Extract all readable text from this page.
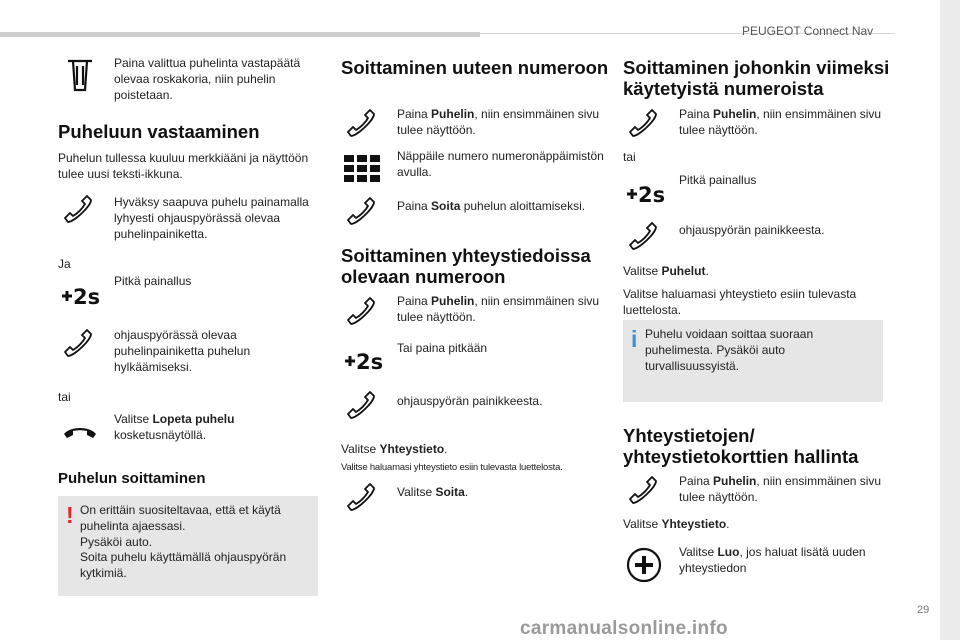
PEUGEOT Connect Nav

Paina valittua puhelinta vastapäätä olevaa roskakoria, niin puhelin poistetaan.

Puheluun vastaaminen

Puhelun tullessa kuuluu merkkiääni ja näyttöön tulee uusi teksti-ikkuna.

Hyväksy saapuva puhelu painamalla lyhyesti ohjauspyörässä olevaa puhelinpainiketta.

Ja

2s

Pitkä painallus

ohjauspyörässä olevaa puhelinpainiketta puhelun hylkäämiseksi.

tai

Valitse Lopeta puhelu kosketusnäytöllä.

Puhelun soittaminen
! On erittäin suositeltavaa, että et käytä puhelinta ajaessasi.
Pysäköi auto.
Soita puhelu käyttämällä ohjauspyörän kytkimiä.

Soittaminen uuteen numeroon

Paina Puhelin, niin ensimmäinen sivu tulee näyttöön.

Näppäile numero numeronäppäimistön avulla.

Paina Soita puhelun aloittamiseksi.

Soittaminen yhteystiedoissa olevaan numeroon

Paina Puhelin, niin ensimmäinen sivu tulee näyttöön.

2s

Tai paina pitkään

ohjauspyörän painikkeesta.

Valitse Yhteystieto.

Valitse haluamasi yhteystieto esiin tulevasta luettelosta.

Valitse Soita.

Soittaminen johonkin viimeksi käytetyistä numeroista

Paina Puhelin, niin ensimmäinen sivu tulee näyttöön.

tai

2s

Pitkä painallus

ohjauspyörän painikkeesta.

Valitse Puhelut.

Valitse haluamasi yhteystieto esiin tulevasta luettelosta.

i Puhelu voidaan soittaa suoraan puhelimesta. Pysäköi auto turvallisuussyistä.

Yhteystietojen/ yhteystietokorttien hallinta

Paina Puhelin, niin ensimmäinen sivu tulee näyttöön.

Valitse Yhteystieto.

Valitse Luo, jos haluat lisätä uuden yhteystiedon

29
carmanualsonline.info
